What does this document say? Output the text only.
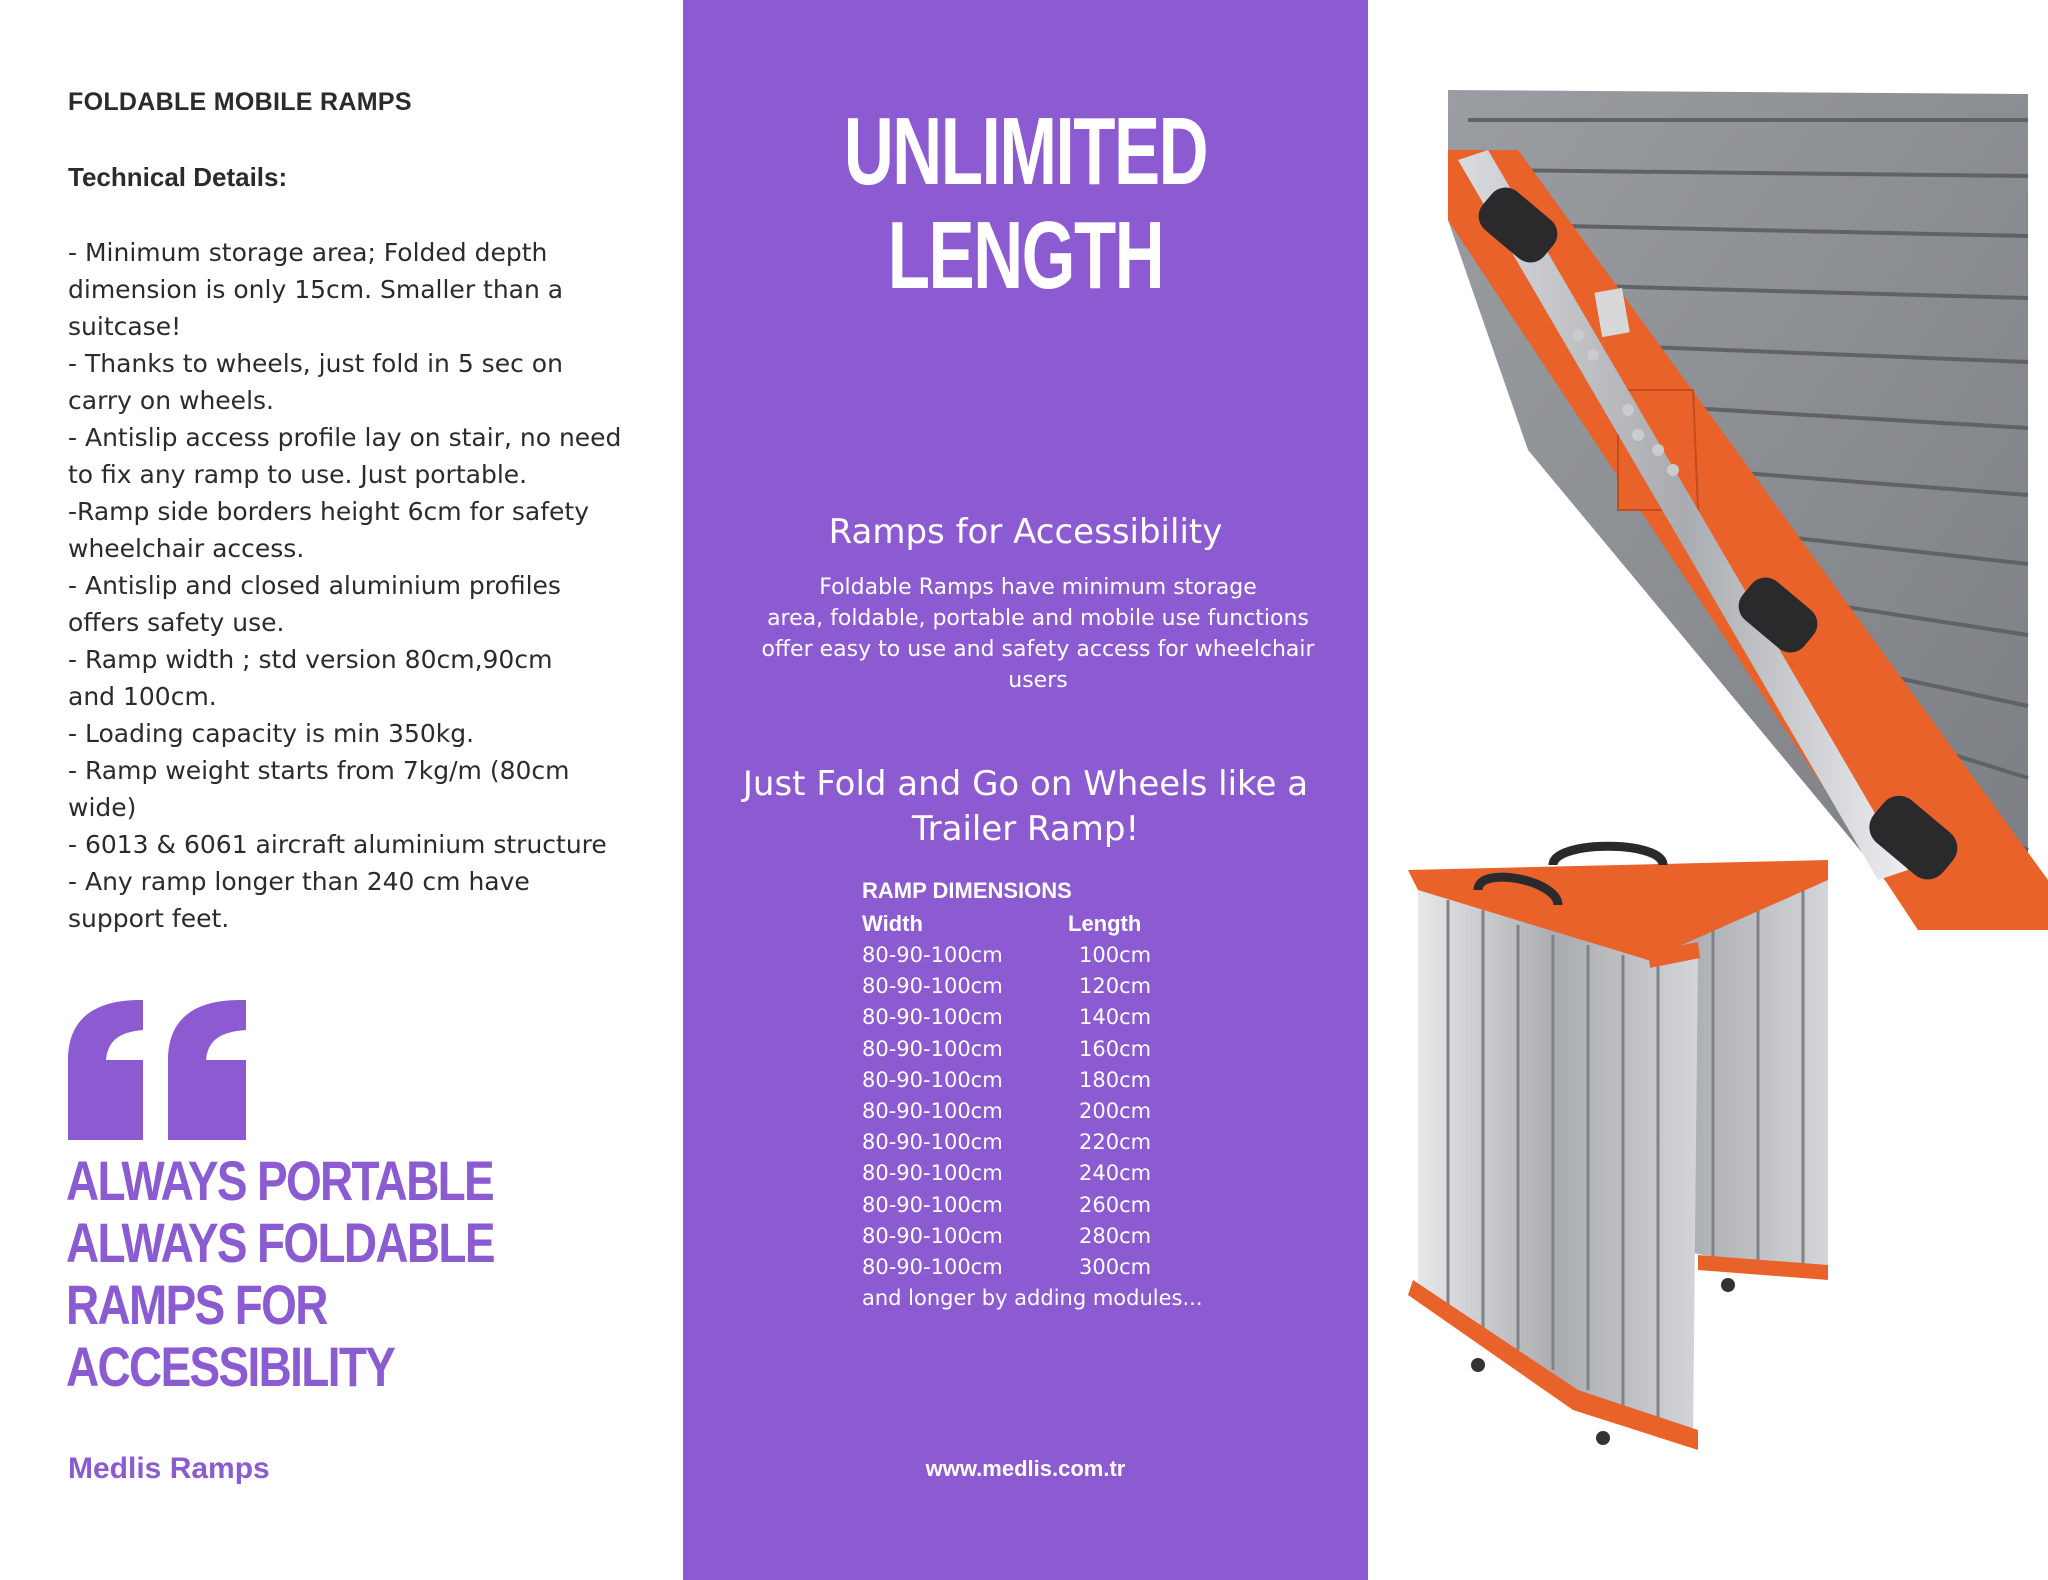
FOLDABLE MOBILE RAMPS
Technical Details:
- Minimum storage area; Folded depth
dimension is only 15cm. Smaller than a
suitcase!
- Thanks to wheels, just fold in 5 sec on
carry on wheels.
- Antislip access profile lay on stair, no need
to fix any ramp to use. Just portable.
-Ramp side borders height 6cm for safety
wheelchair access.
- Antislip and closed aluminium profiles
offers safety use.
- Ramp width ; std version 80cm,90cm
and 100cm.
- Loading capacity is min 350kg.
- Ramp weight starts from 7kg/m (80cm
wide)
- 6013 & 6061 aircraft aluminium structure
- Any ramp longer than 240 cm have
support feet.
ALWAYS PORTABLE
ALWAYS FOLDABLE
RAMPS FOR
ACCESSIBILITY
Medlis Ramps
UNLIMITED
LENGTH
Ramps for Accessibility
Foldable Ramps have minimum storage
area, foldable, portable and mobile use functions
offer easy to use and safety access for wheelchair
users
Just Fold and Go on Wheels like a
Trailer Ramp!
RAMP DIMENSIONS
Width	Length
80-90-100cm	100cm
80-90-100cm	120cm
80-90-100cm	140cm
80-90-100cm	160cm
80-90-100cm	180cm
80-90-100cm	200cm
80-90-100cm	220cm
80-90-100cm	240cm
80-90-100cm	260cm
80-90-100cm	280cm
80-90-100cm	300cm
and longer by adding modules...
www.medlis.com.tr
